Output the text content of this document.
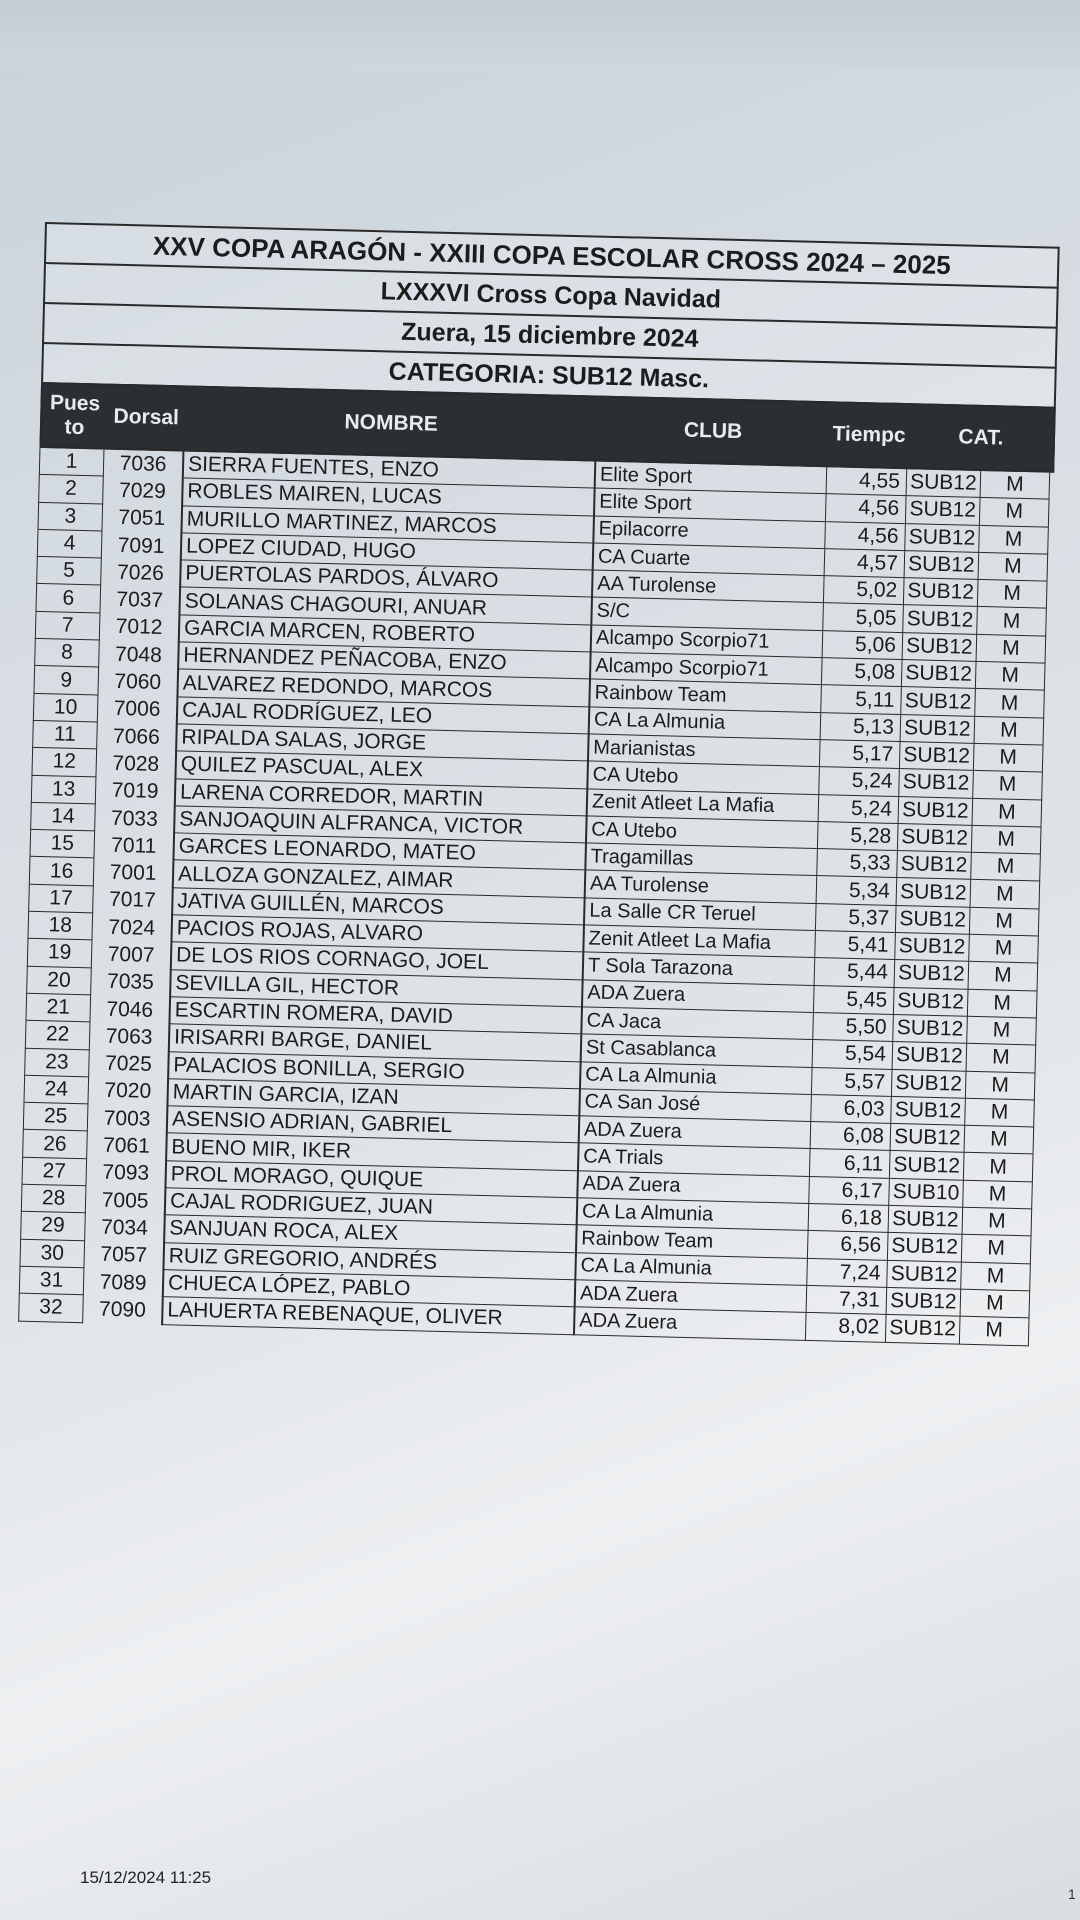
XXV COPA ARAGÓN - XXIII COPA ESCOLAR CROSS 2024 – 2025
LXXXVI Cross Copa Navidad
Zuera, 15 diciembre 2024
CATEGORIA: SUB12 Masc.
Pues
to	Dorsal	NOMBRE	CLUB	Tiempc	CAT.
1	7036	SIERRA FUENTES, ENZO	Elite Sport	4,55 SUB12	M
2	7029	ROBLES MAIREN, LUCAS	Elite Sport	4,56 SUB12	M
3	7051	MURILLO MARTINEZ, MARCOS	Epilacorre	4,56 SUB12	M
4	7091	LOPEZ CIUDAD, HUGO	CA Cuarte	4,57 SUB12	M
5	7026	PUERTOLAS PARDOS, ÁLVARO	AA Turolense	5,02 SUB12	M
6	7037	SOLANAS CHAGOURI, ANUAR	S/C	5,05 SUB12	M
7	7012	GARCIA MARCEN, ROBERTO	Alcampo Scorpio71	5,06 SUB12	M
8	7048	HERNANDEZ PEÑACOBA, ENZO	Alcampo Scorpio71	5,08 SUB12	M
9	7060	ALVAREZ REDONDO, MARCOS	Rainbow Team	5,11 SUB12	M
10	7006	CAJAL RODRÍGUEZ, LEO	CA La Almunia	5,13 SUB12	M
11	7066	RIPALDA SALAS, JORGE	Marianistas	5,17 SUB12	M
12	7028	QUILEZ PASCUAL, ALEX	CA Utebo	5,24 SUB12	M
13	7019	LARENA CORREDOR, MARTIN	Zenit Atleet La Mafia	5,24 SUB12	M
14	7033	SANJOAQUIN ALFRANCA, VICTOR	CA Utebo	5,28 SUB12	M
15	7011	GARCES LEONARDO, MATEO	Tragamillas	5,33 SUB12	M
16	7001	ALLOZA GONZALEZ, AIMAR	AA Turolense	5,34 SUB12	M
17	7017	JATIVA GUILLÉN, MARCOS	La Salle CR Teruel	5,37 SUB12	M
18	7024	PACIOS ROJAS, ALVARO	Zenit Atleet La Mafia	5,41 SUB12	M
19	7007	DE LOS RIOS CORNAGO, JOEL	T Sola Tarazona	5,44 SUB12	M
20	7035	SEVILLA GIL, HECTOR	ADA Zuera	5,45 SUB12	M
21	7046	ESCARTIN ROMERA, DAVID	CA Jaca	5,50 SUB12	M
22	7063	IRISARRI BARGE, DANIEL	St Casablanca	5,54 SUB12	M
23	7025	PALACIOS BONILLA, SERGIO	CA La Almunia	5,57 SUB12	M
24	7020	MARTIN GARCIA, IZAN	CA San José	6,03 SUB12	M
25	7003	ASENSIO ADRIAN, GABRIEL	ADA Zuera	6,08 SUB12	M
26	7061	BUENO MIR, IKER	CA Trials	6,11 SUB12	M
27	7093	PROL MORAGO, QUIQUE	ADA Zuera	6,17 SUB10	M
28	7005	CAJAL RODRIGUEZ, JUAN	CA La Almunia	6,18 SUB12	M
29	7034	SANJUAN ROCA, ALEX	Rainbow Team	6,56 SUB12	M
30	7057	RUIZ GREGORIO, ANDRÉS	CA La Almunia	7,24 SUB12	M
31	7089	CHUECA LÓPEZ, PABLO	ADA Zuera	7,31 SUB12	M
32	7090	LAHUERTA REBENAQUE, OLIVER	ADA Zuera	8,02 SUB12	M
15/12/2024 11:25
1
